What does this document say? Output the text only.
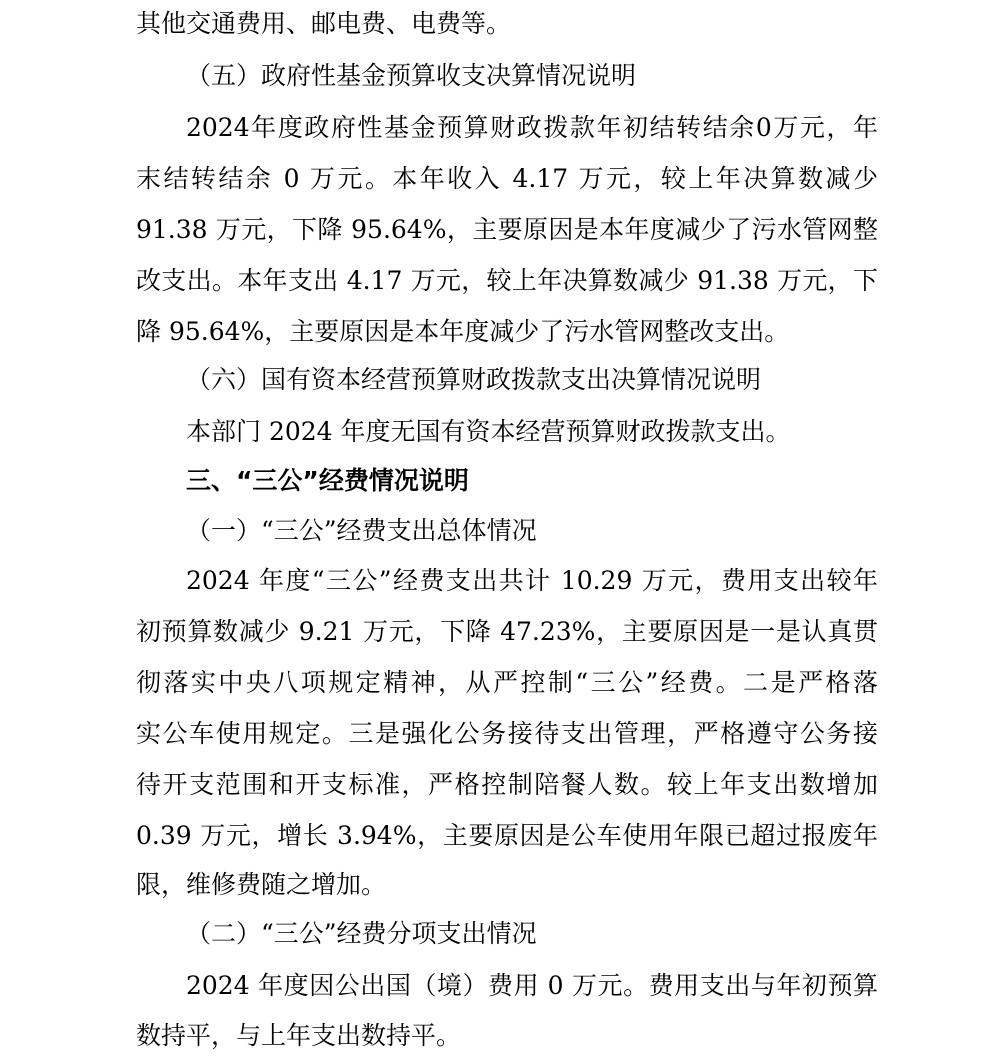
其他交通费用、邮电费、电费等。
（五）政府性基金预算收支决算情况说明
2024年度政府性基金预算财政拨款年初结转结余0万元，年
末结转结余 0 万元。本年收入 4.17 万元，较上年决算数减少
91.38 万元，下降 95.64%，主要原因是本年度减少了污水管网整
改支出。本年支出 4.17 万元，较上年决算数减少 91.38 万元，下
降 95.64%，主要原因是本年度减少了污水管网整改支出。
（六）国有资本经营预算财政拨款支出决算情况说明
本部门 2024 年度无国有资本经营预算财政拨款支出。
三、“三公”经费情况说明
（一）“三公”经费支出总体情况
2024 年度“三公”经费支出共计 10.29 万元，费用支出较年
初预算数减少 9.21 万元，下降 47.23%，主要原因是一是认真贯
彻落实中央八项规定精神，从严控制“三公”经费。二是严格落
实公车使用规定。三是强化公务接待支出管理，严格遵守公务接
待开支范围和开支标准，严格控制陪餐人数。较上年支出数增加
0.39 万元，增长 3.94%，主要原因是公车使用年限已超过报废年
限，维修费随之增加。
（二）“三公”经费分项支出情况
2024 年度因公出国（境）费用 0 万元。费用支出与年初预算
数持平，与上年支出数持平。
